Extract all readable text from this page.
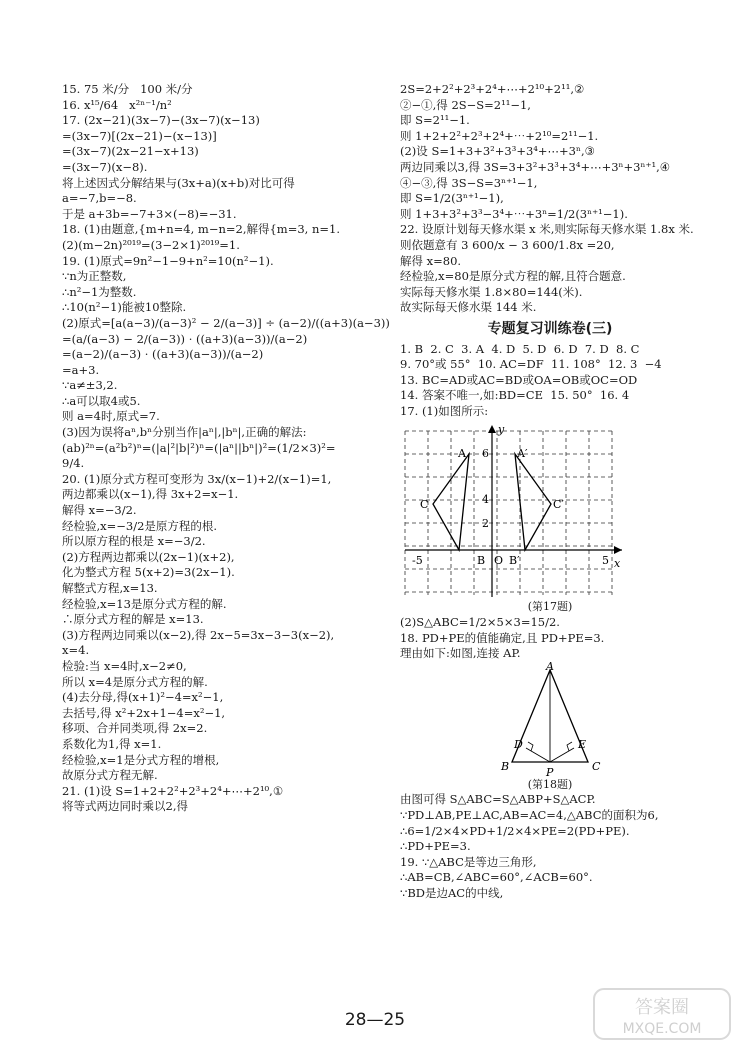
15. 75 米/分   100 米/分
16. x¹⁵/64   x²ⁿ⁻¹/n²
17. (2x−21)(3x−7)−(3x−7)(x−13)
=(3x−7)[(2x−21)−(x−13)]
=(3x−7)(2x−21−x+13)
=(3x−7)(x−8).
将上述因式分解结果与(3x+a)(x+b)对比可得
a=−7,b=−8.
于是 a+3b=−7+3×(−8)=−31.
18. (1)由题意,{m+n=4, m−n=2,解得{m=3, n=1.
(2)(m−2n)²⁰¹⁹=(3−2×1)²⁰¹⁹=1.
19. (1)原式=9n²−1−9+n²=10(n²−1).
∵n为正整数,
∴n²−1为整数.
∴10(n²−1)能被10整除.
(2)原式=[a(a−3)/(a−3)² − 2/(a−3)] ÷ (a−2)/((a+3)(a−3))
=(a/(a−3) − 2/(a−3)) · ((a+3)(a−3))/(a−2)
=(a−2)/(a−3) · ((a+3)(a−3))/(a−2)
=a+3.
∵a≠±3,2.
∴a可以取4或5.
则 a=4时,原式=7.
(3)因为误将aⁿ,bⁿ分别当作|aⁿ|,|bⁿ|,正确的解法:
(ab)²ⁿ=(a²b²)ⁿ=(|a|²|b|²)ⁿ=(|aⁿ||bⁿ|)²=(1/2×3)²=
9/4.
20. (1)原分式方程可变形为 3x/(x−1)+2/(x−1)=1,
两边都乘以(x−1),得 3x+2=x−1.
解得 x=−3/2.
经检验,x=−3/2是原方程的根.
所以原方程的根是 x=−3/2.
(2)方程两边都乘以(2x−1)(x+2),
化为整式方程 5(x+2)=3(2x−1).
解整式方程,x=13.
经检验,x=13是原分式方程的解.
∴原分式方程的解是 x=13.
(3)方程两边同乘以(x−2),得 2x−5=3x−3−3(x−2),
x=4.
检验:当 x=4时,x−2≠0,
所以 x=4是原分式方程的解.
(4)去分母,得(x+1)²−4=x²−1,
去括号,得 x²+2x+1−4=x²−1,
移项、合并同类项,得 2x=2.
系数化为1,得 x=1.
经检验,x=1是分式方程的增根,
故原分式方程无解.
21. (1)设 S=1+2+2²+2³+2⁴+⋯+2¹⁰,①
将等式两边同时乘以2,得
2S=2+2²+2³+2⁴+⋯+2¹⁰+2¹¹,②
②−①,得 2S−S=2¹¹−1,
即 S=2¹¹−1.
则 1+2+2²+2³+2⁴+⋯+2¹⁰=2¹¹−1.
(2)设 S=1+3+3²+3³+3⁴+⋯+3ⁿ,③
两边同乘以3,得 3S=3+3²+3³+3⁴+⋯+3ⁿ+3ⁿ⁺¹,④
④−③,得 3S−S=3ⁿ⁺¹−1,
即 S=1/2(3ⁿ⁺¹−1),
则 1+3+3²+3³−3⁴+⋯+3ⁿ=1/2(3ⁿ⁺¹−1).
22. 设原计划每天修水渠 x 米,则实际每天修水渠 1.8x 米.
则依题意有 3 600/x − 3 600/1.8x =20,
解得 x=80.
经检验,x=80是原分式方程的解,且符合题意.
实际每天修水渠 1.8×80=144(米).
故实际每天修水渠 144 米.
专题复习训练卷(三)
1. B  2. C  3. A  4. D  5. D  6. D  7. D  8. C
9. 70°或 55°  10. AC=DF  11. 108°  12. 3  −4
13. BC=AD或AC=BD或OA=OB或OC=OD
14. 答案不唯一,如:BD=CE  15. 50°  16. 4
17. (1)如图所示:
y
x
A	A′
C	C′
B B′
O
6
4
2
-5	5
(第17题)
(2)S△ABC=1/2×5×3=15/2.
18. PD+PE的值能确定,且 PD+PE=3.
理由如下:如图,连接 AP.
A
B	C
D	E
P
(第18题)
由图可得 S△ABC=S△ABP+S△ACP.
∵PD⊥AB,PE⊥AC,AB=AC=4,△ABC的面积为6,
∴6=1/2×4×PD+1/2×4×PE=2(PD+PE).
∴PD+PE=3.
19. ∵△ABC是等边三角形,
∴AB=CB,∠ABC=60°,∠ACB=60°.
∵BD是边AC的中线,
28—25
答案圈
MXQE.COM
